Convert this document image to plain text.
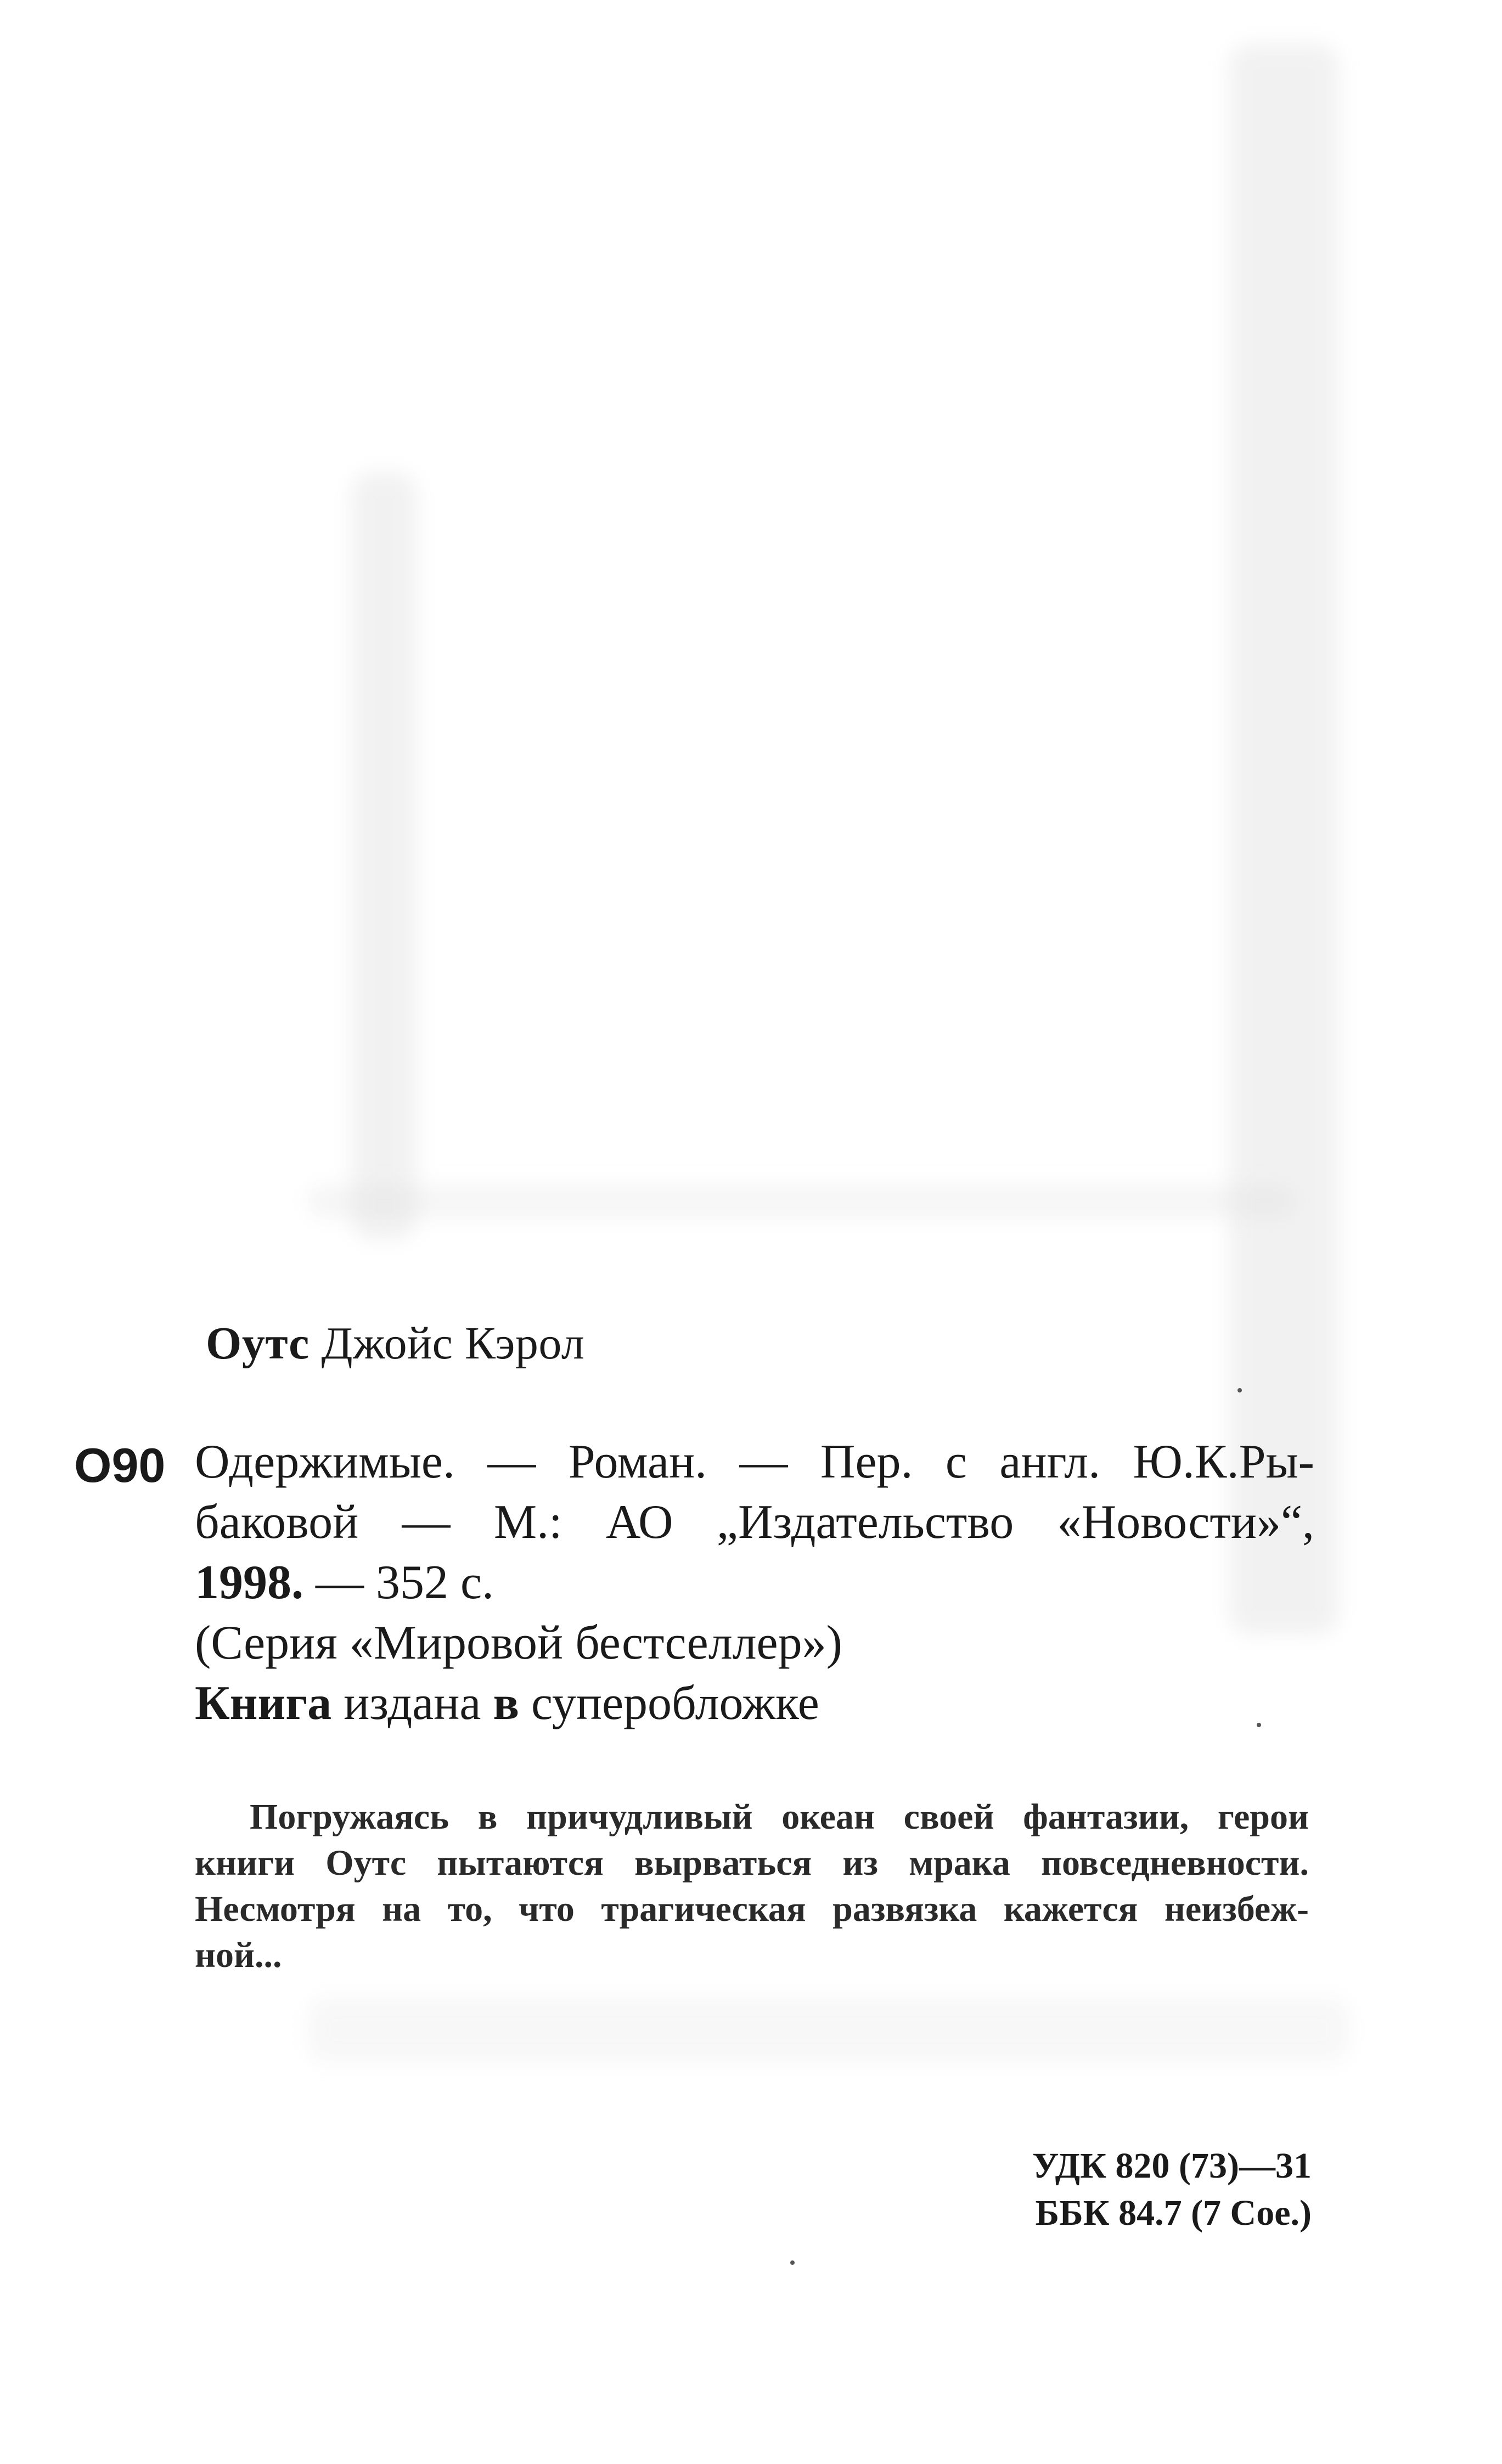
Оутс Джойс Кэрол
О90 Одержимые. — Роман. — Пер. с англ. Ю.К.Ры-
баковой — М.: АО „Издательство «Новости»“,
1998. — 352 с.
(Серия «Мировой бестселлер»)
Книга издана в суперобложке
Погружаясь в причудливый океан своей фантазии, герои
книги Оутс пытаются вырваться из мрака повседневности.
Несмотря на то, что трагическая развязка кажется неизбеж-
ной...
УДК 820 (73)—31
ББК 84.7 (7 Сое.)
